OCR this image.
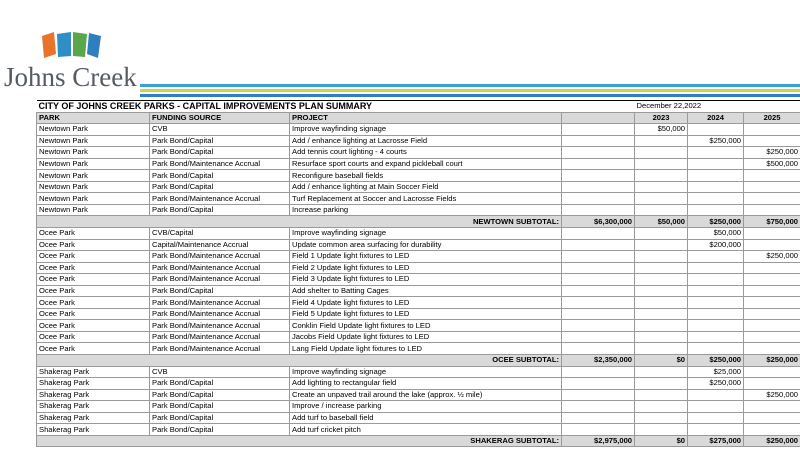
Johns Creek
CITY OF JOHNS CREEK PARKS - CAPITAL IMPROVEMENTS PLAN SUMMARY				December 22,2022		
PARK	FUNDING SOURCE	PROJECT		2023	2024	2025
Newtown Park	CVB	Improve wayfinding signage		$50,000		
Newtown Park	Park Bond/Capital	Add / enhance lighting at Lacrosse Field			$250,000	
Newtown Park	Park Bond/Capital	Add tennis court lighting - 4 courts				$250,000
Newtown Park	Park Bond/Maintenance Accrual	Resurface sport courts and expand pickleball court				$500,000
Newtown Park	Park Bond/Capital	Reconfigure baseball fields				
Newtown Park	Park Bond/Capital	Add / enhance lighting at Main Soccer Field				
Newtown Park	Park Bond/Maintenance Accrual	Turf Replacement at Soccer and Lacrosse Fields				
Newtown Park	Park Bond/Capital	Increase parking				
NEWTOWN SUBTOTAL:			$6,300,000	$50,000	$250,000	$750,000
Ocee Park	CVB/Capital	Improve wayfinding signage			$50,000	
Ocee Park	Capital/Maintenance Accrual	Update common area surfacing for durability			$200,000	
Ocee Park	Park Bond/Maintenance Accrual	Field 1 Update light fixtures to LED				$250,000
Ocee Park	Park Bond/Maintenance Accrual	Field 2 Update light fixtures to LED				
Ocee Park	Park Bond/Maintenance Accrual	Field 3 Update light fixtures to LED				
Ocee Park	Park Bond/Capital	Add shelter to Batting Cages				
Ocee Park	Park Bond/Maintenance Accrual	Field 4 Update light fixtures to LED				
Ocee Park	Park Bond/Maintenance Accrual	Field 5 Update light fixtures to LED				
Ocee Park	Park Bond/Maintenance Accrual	Conklin Field Update light fixtures to LED				
Ocee Park	Park Bond/Maintenance Accrual	Jacobs Field Update light fixtures to LED				
Ocee Park	Park Bond/Maintenance Accrual	Lang Field Update light fixtures to LED				
OCEE SUBTOTAL:			$2,350,000	$0	$250,000	$250,000
Shakerag Park	CVB	Improve wayfinding signage			$25,000	
Shakerag Park	Park Bond/Capital	Add lighting to rectangular field			$250,000	
Shakerag Park	Park Bond/Capital	Create an unpaved trail around the lake (approx. ½ mile)				$250,000
Shakerag Park	Park Bond/Capital	Improve / increase parking				
Shakerag Park	Park Bond/Capital	Add turf to baseball field				
Shakerag Park	Park Bond/Capital	Add turf cricket pitch				
SHAKERAG SUBTOTAL:			$2,975,000	$0	$275,000	$250,000
